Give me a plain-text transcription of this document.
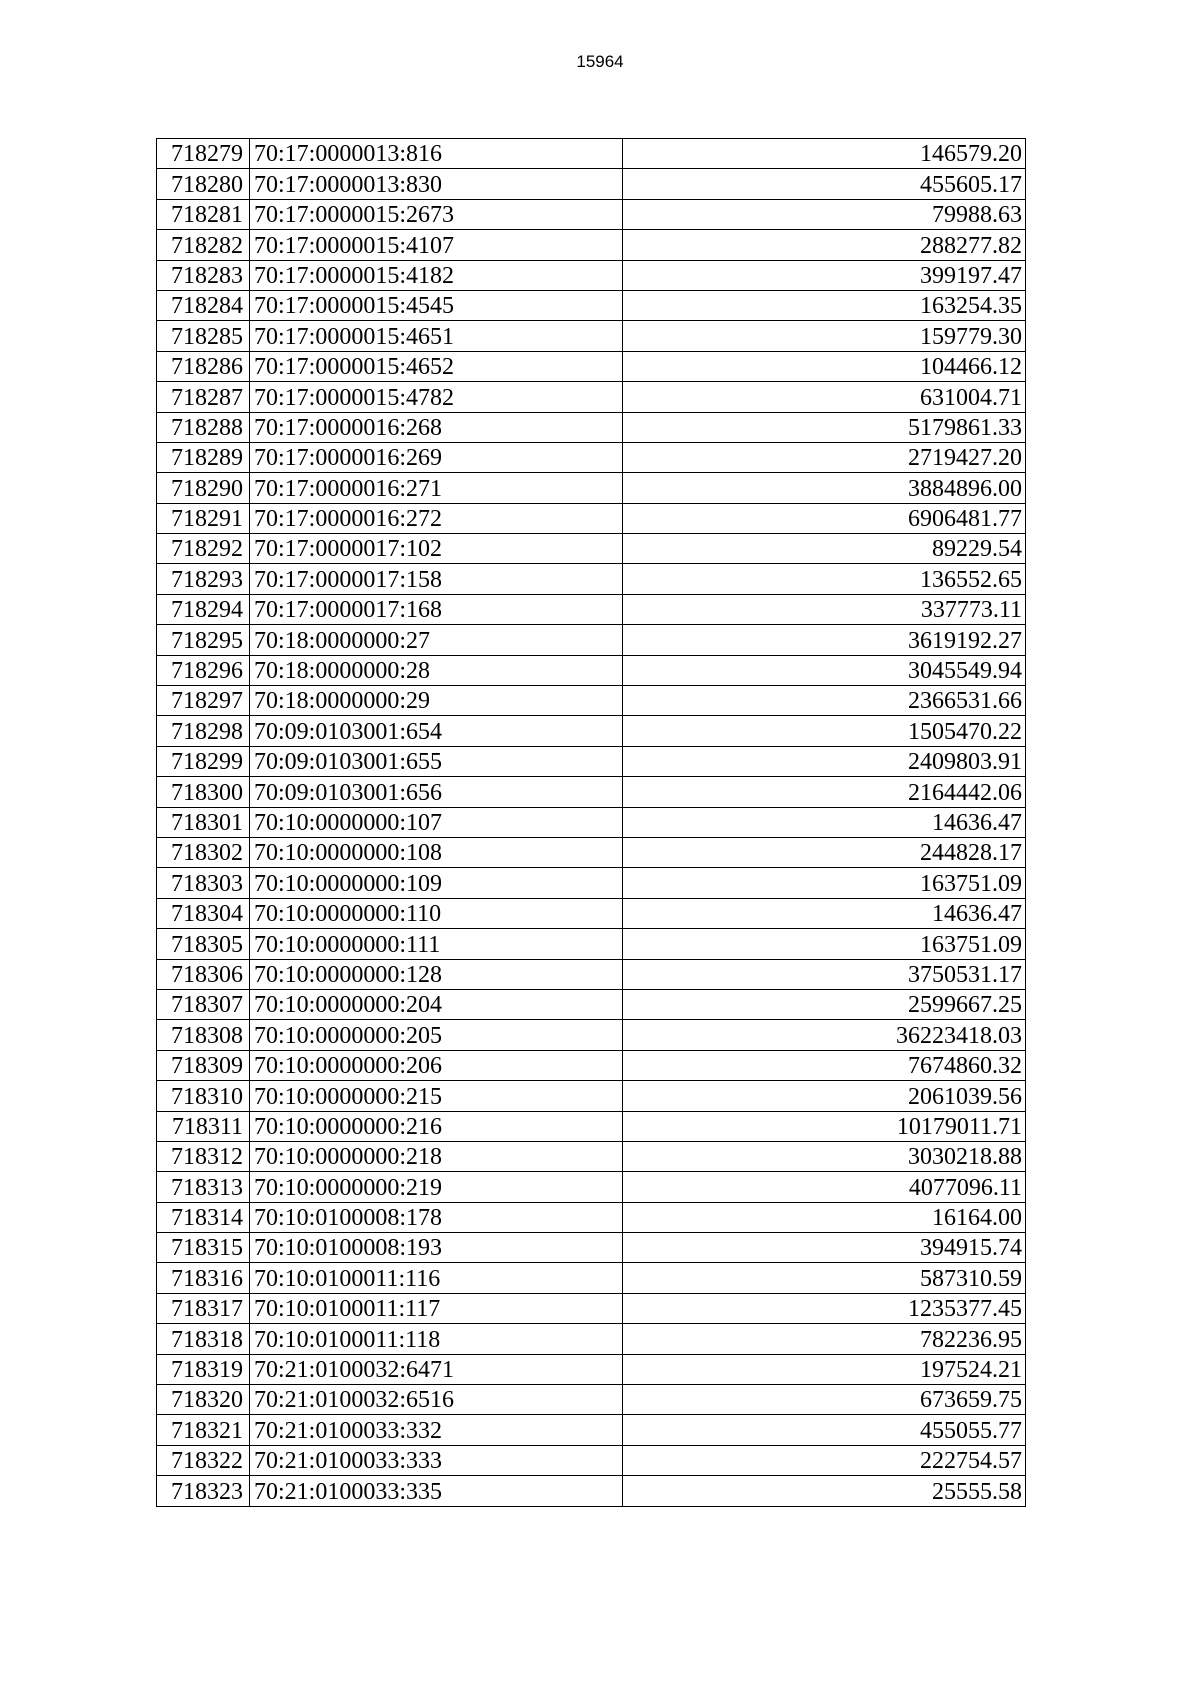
15964
718279	70:17:0000013:816	146579.20
718280	70:17:0000013:830	455605.17
718281	70:17:0000015:2673	79988.63
718282	70:17:0000015:4107	288277.82
718283	70:17:0000015:4182	399197.47
718284	70:17:0000015:4545	163254.35
718285	70:17:0000015:4651	159779.30
718286	70:17:0000015:4652	104466.12
718287	70:17:0000015:4782	631004.71
718288	70:17:0000016:268	5179861.33
718289	70:17:0000016:269	2719427.20
718290	70:17:0000016:271	3884896.00
718291	70:17:0000016:272	6906481.77
718292	70:17:0000017:102	89229.54
718293	70:17:0000017:158	136552.65
718294	70:17:0000017:168	337773.11
718295	70:18:0000000:27	3619192.27
718296	70:18:0000000:28	3045549.94
718297	70:18:0000000:29	2366531.66
718298	70:09:0103001:654	1505470.22
718299	70:09:0103001:655	2409803.91
718300	70:09:0103001:656	2164442.06
718301	70:10:0000000:107	14636.47
718302	70:10:0000000:108	244828.17
718303	70:10:0000000:109	163751.09
718304	70:10:0000000:110	14636.47
718305	70:10:0000000:111	163751.09
718306	70:10:0000000:128	3750531.17
718307	70:10:0000000:204	2599667.25
718308	70:10:0000000:205	36223418.03
718309	70:10:0000000:206	7674860.32
718310	70:10:0000000:215	2061039.56
718311	70:10:0000000:216	10179011.71
718312	70:10:0000000:218	3030218.88
718313	70:10:0000000:219	4077096.11
718314	70:10:0100008:178	16164.00
718315	70:10:0100008:193	394915.74
718316	70:10:0100011:116	587310.59
718317	70:10:0100011:117	1235377.45
718318	70:10:0100011:118	782236.95
718319	70:21:0100032:6471	197524.21
718320	70:21:0100032:6516	673659.75
718321	70:21:0100033:332	455055.77
718322	70:21:0100033:333	222754.57
718323	70:21:0100033:335	25555.58
